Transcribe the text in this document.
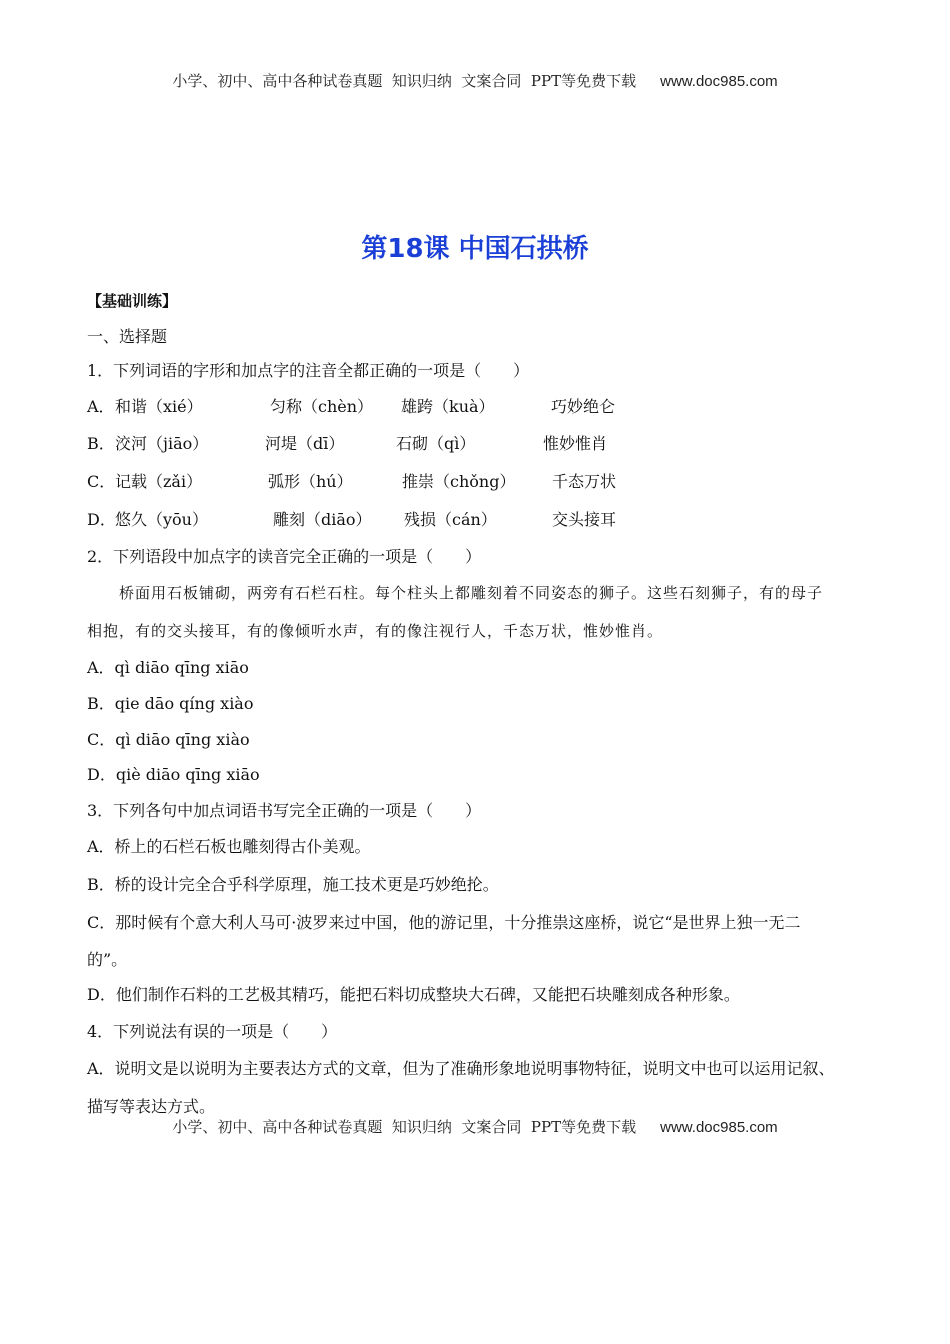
小学、初中、高中各种试卷真题  知识归纳  文案合同  PPT等免费下载 www.doc985.com
第18课 中国石拱桥
【基础训练】
一、选择题
1．下列词语的字形和加点字的注音全都正确的一项是（　　）
A． 和谐（xié）	匀称（chèn） 雄跨（kuà）	巧妙绝仑
B． 洨河（jiāo）	河堤（dī）	石砌（qì）	惟妙惟肖
C． 记载（zǎi）	弧形（hú）	推崇（chǒng） 千态万状
D． 悠久（yōu）	雕刻（diāo） 残损（cán）	交头接耳
2．下列语段中加点字的读音完全正确的一项是（　　）
桥面用石板铺砌，两旁有石栏石柱。每个柱头上都雕刻着不同姿态的狮子。这些石刻狮子，有的母子
相抱，有的交头接耳，有的像倾听水声，有的像注视行人，千态万状，惟妙惟肖。
A．qì diāo qīng xiāo
B．qie dāo qíng xiào
C．qì diāo qīng xiào
D．qiè diāo qīng xiāo
3．下列各句中加点词语书写完全正确的一项是（　　）
A．桥上的石栏石板也雕刻得古仆美观。
B．桥的设计完全合乎科学原理，施工技术更是巧妙绝抡。
C．那时候有个意大利人马可·波罗来过中国，他的游记里，十分推祟这座桥，说它“是世界上独一无二
的”。
D．他们制作石料的工艺极其精巧，能把石料切成整块大石碑，又能把石块雕刻成各种形象。
4．下列说法有误的一项是（　　）
A．说明文是以说明为主要表达方式的文章，但为了准确形象地说明事物特征，说明文中也可以运用记叙、
描写等表达方式。
小学、初中、高中各种试卷真题  知识归纳  文案合同  PPT等免费下载 www.doc985.com
